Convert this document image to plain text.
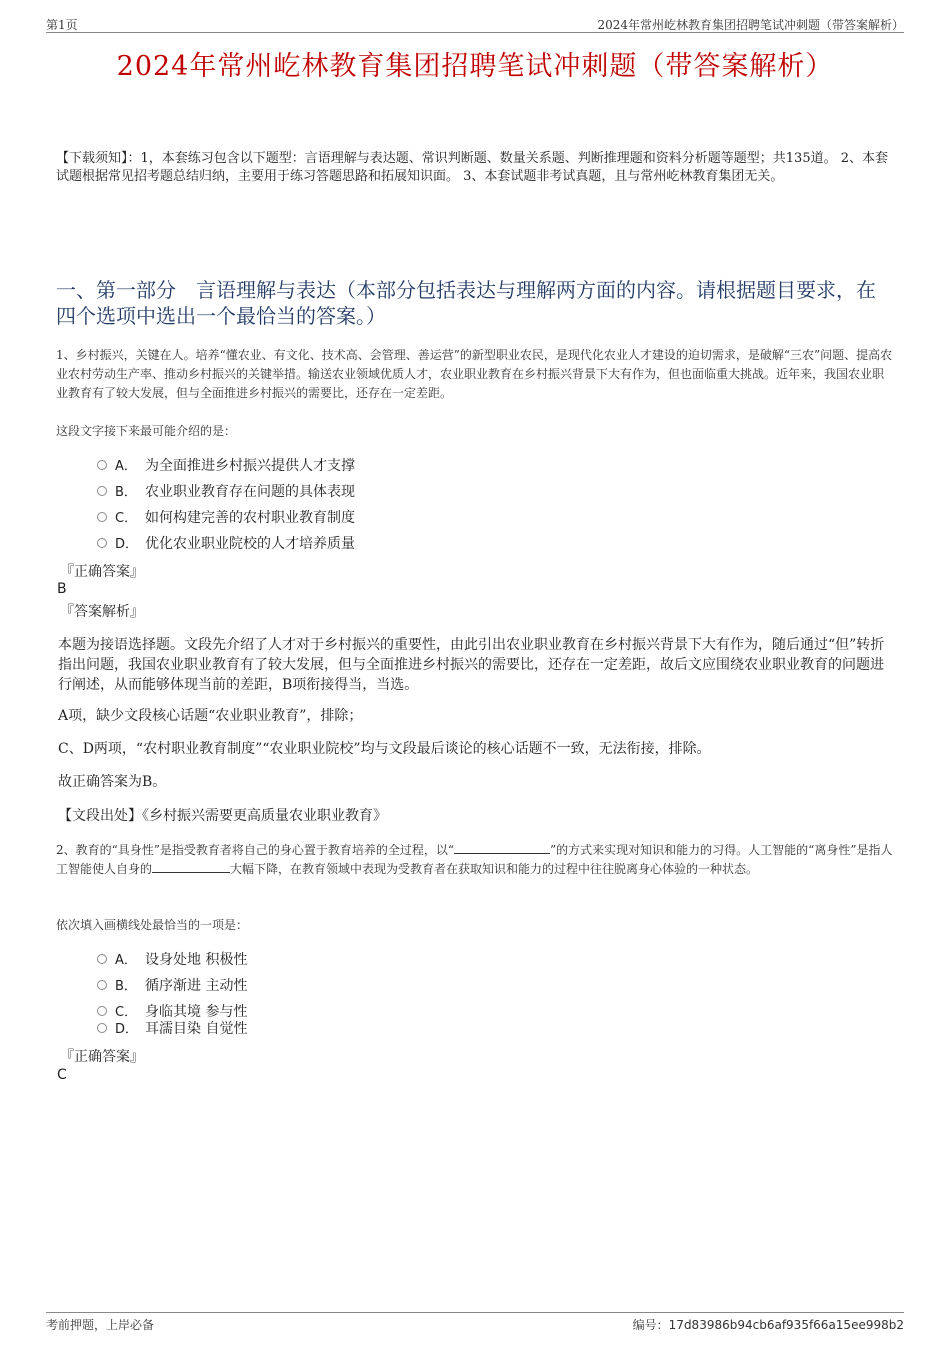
第1页	2024年常州屹林教育集团招聘笔试冲刺题（带答案解析）
2024年常州屹林教育集团招聘笔试冲刺题（带答案解析）
【下载须知】：1，本套练习包含以下题型：言语理解与表达题、常识判断题、数量关系题、判断推理题和资料分析题等题型；共135道。 2、本套试题根据常见招考题总结归纳，主要用于练习答题思路和拓展知识面。 3、本套试题非考试真题，且与常州屹林教育集团无关。
一、第一部分　言语理解与表达（本部分包括表达与理解两方面的内容。请根据题目要求，在四个选项中选出一个最恰当的答案。）
1、乡村振兴，关键在人。培养“懂农业、有文化、技术高、会管理、善运营”的新型职业农民，是现代化农业人才建设的迫切需求，是破解“三农”问题、提高农业农村劳动生产率、推动乡村振兴的关键举措。输送农业领域优质人才，农业职业教育在乡村振兴背景下大有作为，但也面临重大挑战。近年来，我国农业职业教育有了较大发展，但与全面推进乡村振兴的需要比，还存在一定差距。
这段文字接下来最可能介绍的是：
A． 为全面推进乡村振兴提供人才支撑
B． 农业职业教育存在问题的具体表现
C． 如何构建完善的农村职业教育制度
D． 优化农业职业院校的人才培养质量
『正确答案』
B
『答案解析』
本题为接语选择题。文段先介绍了人才对于乡村振兴的重要性，由此引出农业职业教育在乡村振兴背景下大有作为，随后通过“但”转折指出问题，我国农业职业教育有了较大发展，但与全面推进乡村振兴的需要比，还存在一定差距，故后文应围绕农业职业教育的问题进行阐述，从而能够体现当前的差距，B项衔接得当，当选。
A项，缺少文段核心话题“农业职业教育”，排除；
C、D两项，“农村职业教育制度”“农业职业院校”均与文段最后谈论的核心话题不一致，无法衔接，排除。
故正确答案为B。
【文段出处】《乡村振兴需要更高质量农业职业教育》
2、教育的“具身性”是指受教育者将自己的身心置于教育培养的全过程，以“	”的方式来实现对知识和能力的习得。人工智能的“离身性”是指人工智能使人自身的	大幅下降，在教育领域中表现为受教育者在获取知识和能力的过程中往往脱离身心体验的一种状态。
依次填入画横线处最恰当的一项是：
A． 设身处地 积极性
B． 循序渐进 主动性
C． 身临其境 参与性
D． 耳濡目染 自觉性
『正确答案』
C
考前押题，上岸必备	编号：17d83986b94cb6af935f66a15ee998b2
